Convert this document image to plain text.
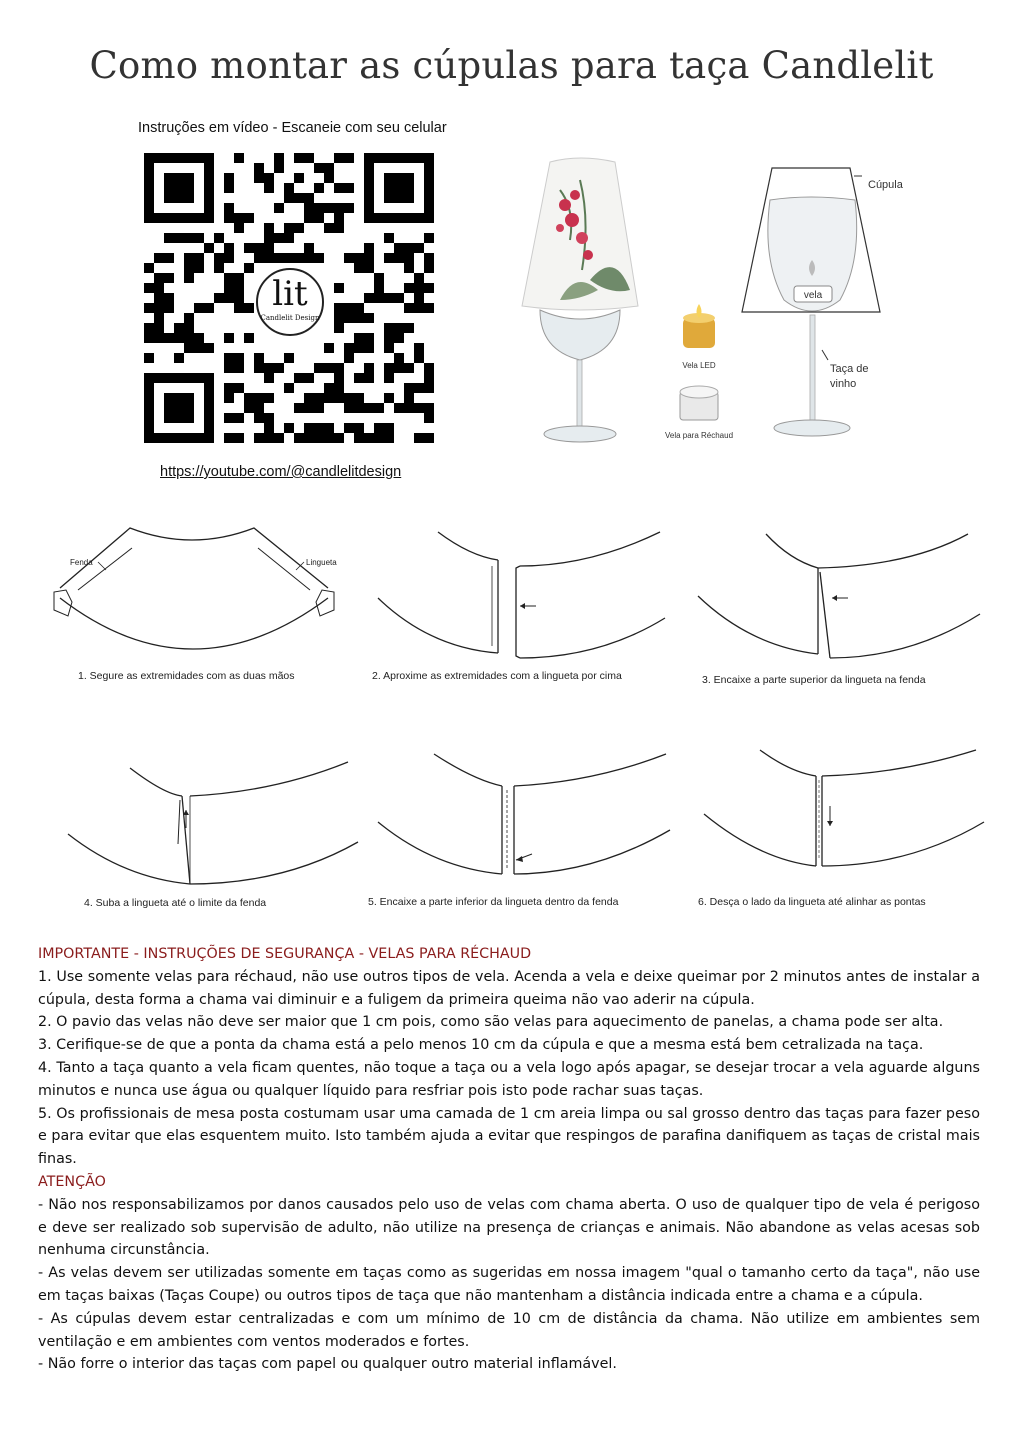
Como montar as cúpulas para taça Candlelit
Instruções em vídeo - Escaneie com seu celular
lit
Candlelit Design
https://youtube.com/@candlelitdesign
Vela LED
Vela para Réchaud
vela
Cúpula
Taça de
vinho
Fenda	Lingueta
1. Segure as extremidades com as duas mãos	2. Aproxime as extremidades com a lingueta por cima	3. Encaixe a parte superior da lingueta na fenda
4. Suba a lingueta até o limite da fenda	5. Encaixe a parte inferior da lingueta dentro da fenda	6. Desça o lado da lingueta até alinhar as pontas

IMPORTANTE - INSTRUÇÕES DE SEGURANÇA - VELAS PARA RÉCHAUD

1. Use somente velas para réchaud, não use outros tipos de vela. Acenda a vela e deixe queimar por 2 minutos antes de instalar a cúpula, desta forma a chama vai diminuir e a fuligem da primeira queima não vao aderir na cúpula.

2. O pavio das velas não deve ser maior que 1 cm pois, como são velas para aquecimento de panelas, a chama pode ser alta.

3. Cerifique-se de que a ponta da chama está a pelo menos 10 cm da cúpula e que a mesma está bem cetralizada na taça.

4. Tanto a taça quanto a vela ficam quentes, não toque a taça ou a vela logo após apagar, se desejar trocar a vela aguarde alguns minutos e nunca use água ou qualquer líquido para resfriar pois isto pode rachar suas taças.

5. Os profissionais de mesa posta costumam usar uma camada de 1 cm areia limpa ou sal grosso dentro das taças para fazer peso e para evitar que elas esquentem muito. Isto também ajuda a evitar que respingos de parafina danifiquem as taças de cristal mais finas.

ATENÇÃO

- Não nos responsabilizamos por danos causados pelo uso de velas com chama aberta. O uso de qualquer tipo de vela é perigoso e deve ser realizado sob supervisão de adulto, não utilize na presença de crianças e animais. Não abandone as velas acesas sob nenhuma circunstância.

- As velas devem ser utilizadas somente em taças como as sugeridas em nossa imagem "qual o tamanho certo da taça", não use em taças baixas (Taças Coupe) ou outros tipos de taça que não mantenham a distância indicada entre a chama e a cúpula.

- As cúpulas devem estar centralizadas e com um mínimo de 10 cm de distância da chama. Não utilize em ambientes sem ventilação e em ambientes com ventos moderados e fortes.

- Não forre o interior das taças com papel ou qualquer outro material inflamável.
